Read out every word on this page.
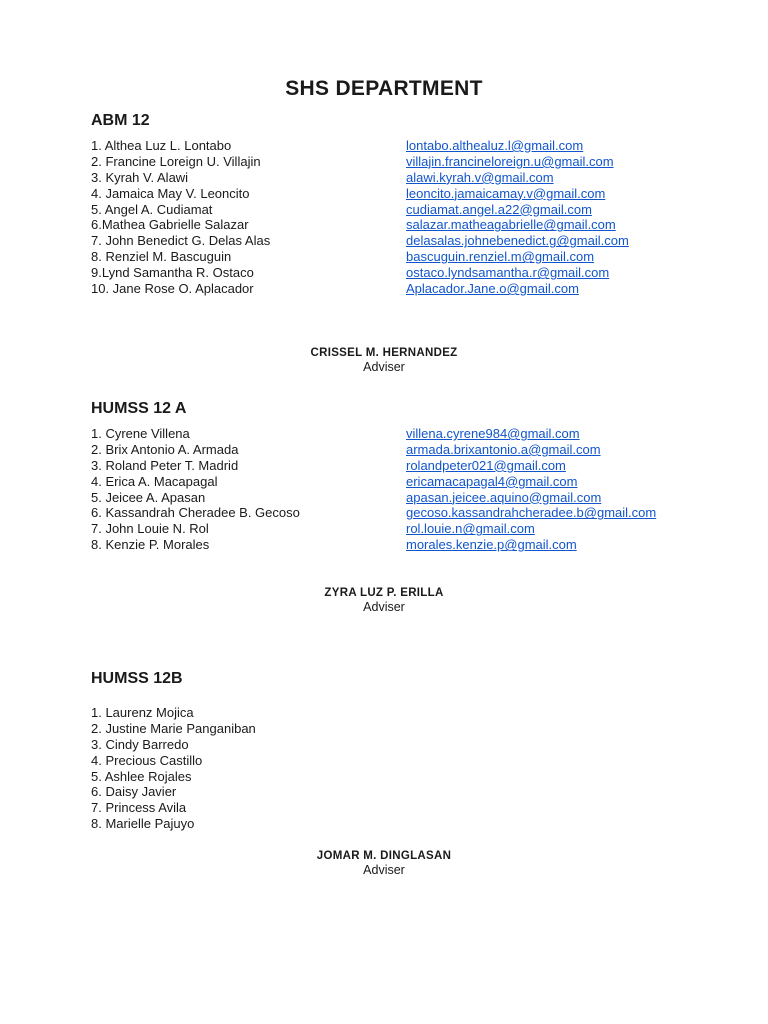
SHS DEPARTMENT
ABM 12
1. Althea Luz L. Lontabo	lontabo.althealuz.l@gmail.com
2. Francine Loreign U. Villajin	villajin.francineloreign.u@gmail.com
3. Kyrah V. Alawi	alawi.kyrah.v@gmail.com
4. Jamaica May V. Leoncito	leoncito.jamaicamay.v@gmail.com
5. Angel A. Cudiamat	cudiamat.angel.a22@gmail.com
6.Mathea Gabrielle Salazar	salazar.matheagabrielle@gmail.com
7. John Benedict G. Delas Alas	delasalas.johnebenedict.g@gmail.com
8. Renziel M. Bascuguin	bascuguin.renziel.m@gmail.com
9.Lynd Samantha R. Ostaco	ostaco.lyndsamantha.r@gmail.com
10. Jane Rose O. Aplacador	Aplacador.Jane.o@gmail.com
CRISSEL M. HERNANDEZ
Adviser
HUMSS 12 A
1. Cyrene Villena	villena.cyrene984@gmail.com
2. Brix Antonio A. Armada	armada.brixantonio.a@gmail.com
3. Roland Peter T. Madrid	rolandpeter021@gmail.com
4. Erica A. Macapagal	ericamacapagal4@gmail.com
5. Jeicee A. Apasan	apasan.jeicee.aquino@gmail.com
6. Kassandrah Cheradee B. Gecoso	gecoso.kassandrahcheradee.b@gmail.com
7. John Louie N. Rol	rol.louie.n@gmail.com
8. Kenzie P. Morales	morales.kenzie.p@gmail.com
ZYRA LUZ P. ERILLA
Adviser
HUMSS 12B
1. Laurenz Mojica
2. Justine Marie Panganiban
3. Cindy Barredo
4. Precious Castillo
5. Ashlee Rojales
6. Daisy Javier
7. Princess Avila
8. Marielle Pajuyo
JOMAR M. DINGLASAN
Adviser
